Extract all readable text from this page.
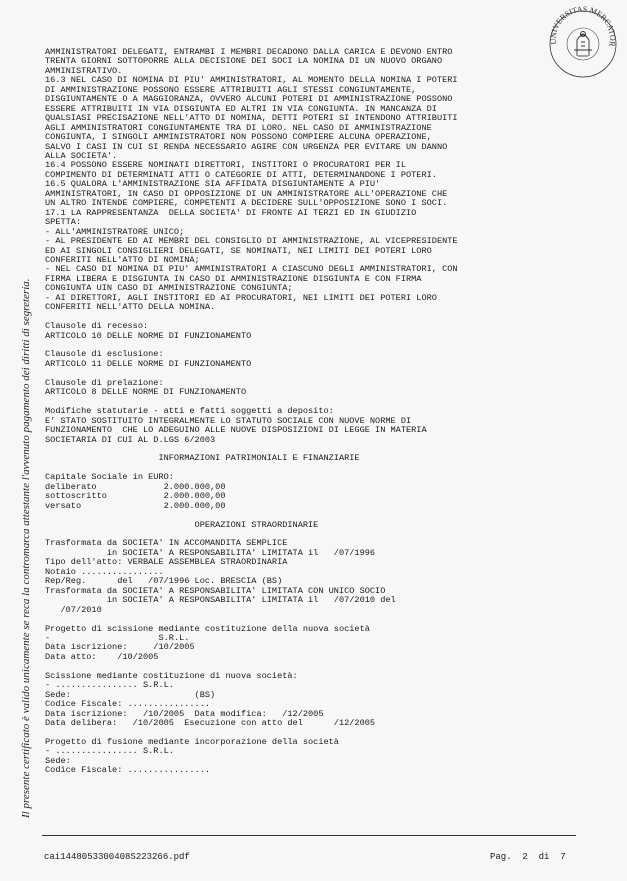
UNIVERSITAS MERCATOR
Il presente certificato è valido unicamente se reca la contromarca attestante l'avvenuto pagamento dei diritti di segreteria.
AMMINISTRATORI DELEGATI, ENTRAMBI I MEMBRI DECADONO DALLA CARICA E DEVONO ENTRO
TRENTA GIORNI SOTTOPORRE ALLA DECISIONE DEI SOCI LA NOMINA DI UN NUOVO ORGANO
AMMINISTRATIVO.
16.3 NEL CASO DI NOMINA DI PIU' AMMINISTRATORI, AL MOMENTO DELLA NOMINA I POTERI
DI AMMINISTRAZIONE POSSONO ESSERE ATTRIBUITI AGLI STESSI CONGIUNTAMENTE,
DISGIUNTAMENTE O A MAGGIORANZA, OVVERO ALCUNI POTERI DI AMMINISTRAZIONE POSSONO
ESSERE ATTRIBUITI IN VIA DISGIUNTA ED ALTRI IN VIA CONGIUNTA. IN MANCANZA DI
QUALSIASI PRECISAZIONE NELL'ATTO DI NOMINA, DETTI POTERI SI INTENDONO ATTRIBUITI
AGLI AMMINISTRATORI CONGIUNTAMENTE TRA DI LORO. NEL CASO DI AMMINISTRAZIONE
CONGIUNTA, I SINGOLI AMMINISTRATORI NON POSSONO COMPIERE ALCUNA OPERAZIONE,
SALVO I CASI IN CUI SI RENDA NECESSARIO AGIRE CON URGENZA PER EVITARE UN DANNO
ALLA SOCIETA'.
16.4 POSSONO ESSERE NOMINATI DIRETTORI, INSTITORI O PROCURATORI PER IL
COMPIMENTO DI DETERMINATI ATTI O CATEGORIE DI ATTI, DETERMINANDONE I POTERI.
16.5 QUALORA L'AMMINISTRAZIONE SIA AFFIDATA DISGIUNTAMENTE A PIU'
AMMINISTRATORI, IN CASO DI OPPOSIZIONE DI UN AMMINISTRATORE ALL'OPERAZIONE CHE
UN ALTRO INTENDE COMPIERE, COMPETENTI A DECIDERE SULL'OPPOSIZIONE SONO I SOCI.
17.1 LA RAPPRESENTANZA  DELLA SOCIETA' DI FRONTE AI TERZI ED IN GIUDIZIO
SPETTA:
- ALL'AMMINISTRATORE UNICO;
- AL PRESIDENTE ED AI MEMBRI DEL CONSIGLIO DI AMMINISTRAZIONE, AL VICEPRESIDENTE
ED AI SINGOLI CONSIGLIERI DELEGATI, SE NOMINATI, NEI LIMITI DEI POTERI LORO
CONFERITI NELL'ATTO DI NOMINA;
- NEL CASO DI NOMINA DI PIU' AMMINISTRATORI A CIASCUNO DEGLI AMMINISTRATORI, CON
FIRMA LIBERA E DISGIUNTA IN CASO DI AMMINISTRAZIONE DISGIUNTA E CON FIRMA
CONGIUNTA UIN CASO DI AMMINISTRAZIONE CONGIUNTA;
- AI DIRETTORI, AGLI INSTITORI ED AI PROCURATORI, NEI LIMITI DEI POTERI LORO
CONFERITI NELL'ATTO DELLA NOMINA.
Clausole di recesso:
ARTICOLO 10 DELLE NORME DI FUNZIONAMENTO
Clausole di esclusione:
ARTICOLO 11 DELLE NORME DI FUNZIONAMENTO
Clausole di prelazione:
ARTICOLO 8 DELLE NORME DI FUNZIONAMENTO
Modifiche statutarie - atti e fatti soggetti a deposito:
E' STATO SOSTITUITO INTEGRALMENTE LO STATUTO SOCIALE CON NUOVE NORME DI
FUNZIONAMENTO  CHE LO ADEGUINO ALLE NUOVE DISPOSIZIONI DI LEGGE IN MATERIA
SOCIETARIA DI CUI AL D.LGS 6/2003
INFORMAZIONI PATRIMONIALI E FINANZIARIE
Capitale Sociale in EURO:
deliberato             2.000.000,00
sottoscritto           2.000.000,00
versato                2.000.000,00
OPERAZIONI STRAORDINARIE
Trasformata da SOCIETA' IN ACCOMANDITA SEMPLICE
in SOCIETA' A RESPONSABILITA' LIMITATA il   /07/1996
Tipo dell'atto: VERBALE ASSEMBLEA STRAORDINARIA
Notaio ................
Rep/Reg.      del   /07/1996 Loc. BRESCIA (BS)
Trasformata da SOCIETA' A RESPONSABILITA' LIMITATA CON UNICO SOCIO
in SOCIETA' A RESPONSABILITA' LIMITATA il   /07/2010 del
/07/2010
Progetto di scissione mediante costituzione della nuova società
-                     S.R.L.
Data iscrizione:     /10/2005
Data atto:    /10/2005
Scissione mediante costituzione di nuova società:
- ................ S.R.L.
Sede:                        (BS)
Codice Fiscale: ................
Data iscrizione:   /10/2005  Data modifica:   /12/2005
Data delibera:   /10/2005  Esecuzione con atto del      /12/2005
Progetto di fusione mediante incorporazione della società
- ................ S.R.L.
Sede:
Codice Fiscale: ................
cai1448053300408S223266.pdf	Pag.  2  di  7
